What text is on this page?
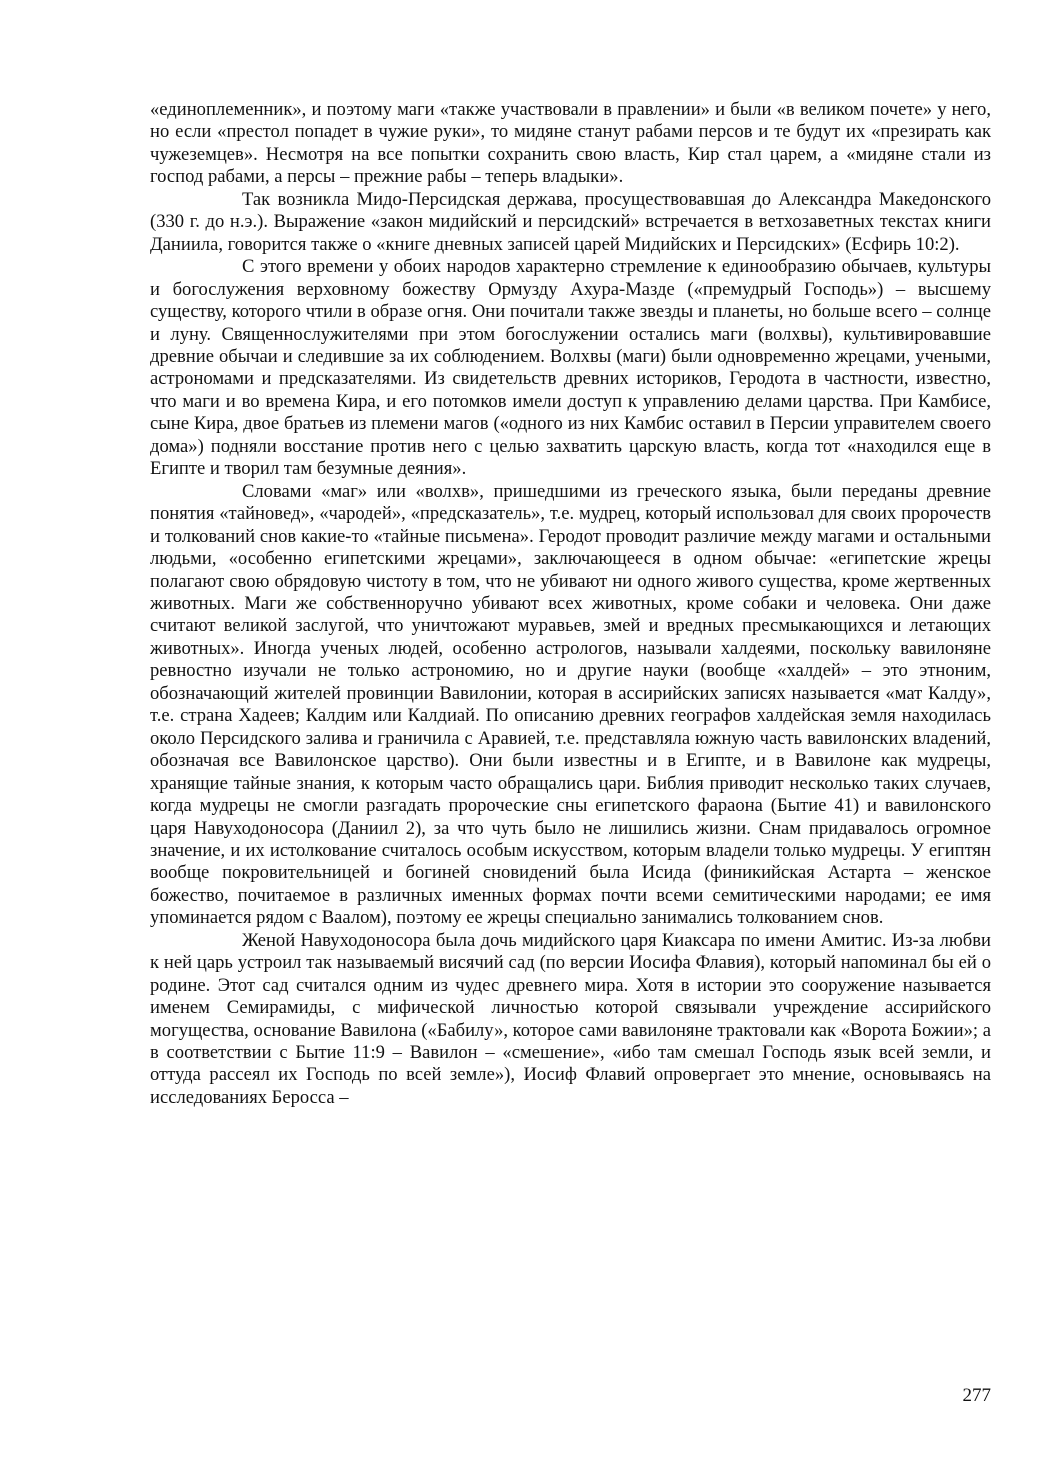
«единоплеменник», и поэтому маги «также участвовали в правлении» и были «в великом почете» у него, но если «престол попадет в чужие руки», то мидяне станут рабами персов и те будут их «презирать как чужеземцев». Несмотря на все попытки сохранить свою власть, Кир стал царем, а «мидяне стали из господ рабами, а персы – прежние рабы – теперь владыки».

Так возникла Мидо-Персидская держава, просуществовавшая до Александра Македонского (330 г. до н.э.). Выражение «закон мидийский и персидский» встречается в ветхозаветных текстах книги Даниила, говорится также о «книге дневных записей царей Мидийских и Персидских» (Есфирь 10:2).

С этого времени у обоих народов характерно стремление к единообразию обычаев, культуры и богослужения верховному божеству Ормузду Ахура-Мазде («премудрый Господь») – высшему существу, которого чтили в образе огня. Они почитали также звезды и планеты, но больше всего – солнце и луну. Священнослужителями при этом богослужении остались маги (волхвы), культивировавшие древние обычаи и следившие за их соблюдением. Волхвы (маги) были одновременно жрецами, учеными, астрономами и предсказателями. Из свидетельств древних историков, Геродота в частности, известно, что маги и во времена Кира, и его потомков имели доступ к управлению делами царства. При Камбисе, сыне Кира, двое братьев из племени магов («одного из них Камбис оставил в Персии управителем своего дома») подняли восстание против него с целью захватить царскую власть, когда тот «находился еще в Египте и творил там безумные деяния».

Словами «маг» или «волхв», пришедшими из греческого языка, были переданы древние понятия «тайновед», «чародей», «предсказатель», т.е. мудрец, который использовал для своих пророчеств и толкований снов какие-то «тайные письмена». Геродот проводит различие между магами и остальными людьми, «особенно египетскими жрецами», заключающееся в одном обычае: «египетские жрецы полагают свою обрядовую чистоту в том, что не убивают ни одного живого существа, кроме жертвенных животных. Маги же собственноручно убивают всех животных, кроме собаки и человека. Они даже считают великой заслугой, что уничтожают муравьев, змей и вредных пресмыкающихся и летающих животных». Иногда ученых людей, особенно астрологов, называли халдеями, поскольку вавилоняне ревностно изучали не только астрономию, но и другие науки (вообще «халдей» – это этноним, обозначающий жителей провинции Вавилонии, которая в ассирийских записях называется «мат Калду», т.е. страна Хадеев; Калдим или Калдиай. По описанию древних географов халдейская земля находилась около Персидского залива и граничила с Аравией, т.е. представляла южную часть вавилонских владений, обозначая все Вавилонское царство). Они были известны и в Египте, и в Вавилоне как мудрецы, хранящие тайные знания, к которым часто обращались цари. Библия приводит несколько таких случаев, когда мудрецы не смогли разгадать пророческие сны египетского фараона (Бытие 41) и вавилонского царя Навуходоносора (Даниил 2), за что чуть было не лишились жизни. Снам придавалось огромное значение, и их истолкование считалось особым искусством, которым владели только мудрецы. У египтян вообще покровительницей и богиней сновидений была Исида (финикийская Астарта – женское божество, почитаемое в различных именных формах почти всеми семитическими народами; ее имя упоминается рядом с Ваалом), поэтому ее жрецы специально занимались толкованием снов.

Женой Навуходоносора была дочь мидийского царя Киаксара по имени Амитис. Из-за любви к ней царь устроил так называемый висячий сад (по версии Иосифа Флавия), который напоминал бы ей о родине. Этот сад считался одним из чудес древнего мира. Хотя в истории это сооружение называется именем Семирамиды, с мифической личностью которой связывали учреждение ассирийского могущества, основание Вавилона («Бабилу», которое сами вавилоняне трактовали как «Ворота Божии»; а в соответствии с Бытие 11:9 – Вавилон – «смешение», «ибо там смешал Господь язык всей земли, и оттуда рассеял их Господь по всей земле»), Иосиф Флавий опровергает это мнение, основываясь на исследованиях Беросса –

277
